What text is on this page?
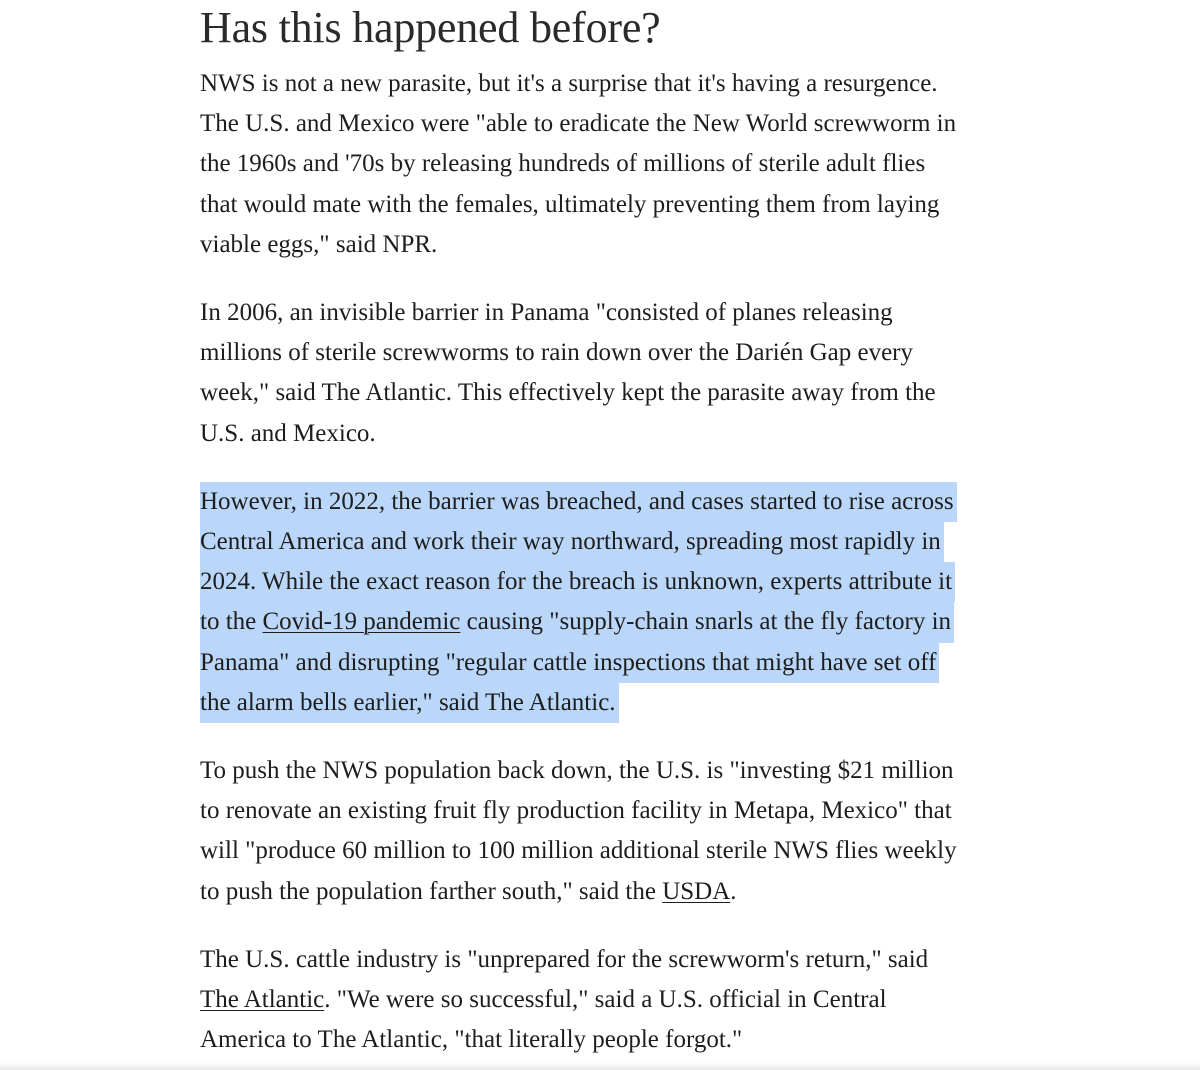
Has this happened before?

NWS is not a new parasite, but it's a surprise that it's having a resurgence.
The U.S. and Mexico were "able to eradicate the New World screwworm in
the 1960s and '70s by releasing hundreds of millions of sterile adult flies
that would mate with the females, ultimately preventing them from laying
viable eggs," said NPR.

In 2006, an invisible barrier in Panama "consisted of planes releasing
millions of sterile screwworms to rain down over the Darién Gap every
week," said The Atlantic. This effectively kept the parasite away from the
U.S. and Mexico.

However, in 2022, the barrier was breached, and cases started to rise across
Central America and work their way northward, spreading most rapidly in
2024. While the exact reason for the breach is unknown, experts attribute it
to the Covid-19 pandemic causing "supply-chain snarls at the fly factory in
Panama" and disrupting "regular cattle inspections that might have set off
the alarm bells earlier," said The Atlantic.

To push the NWS population back down, the U.S. is "investing $21 million
to renovate an existing fruit fly production facility in Metapa, Mexico" that
will "produce 60 million to 100 million additional sterile NWS flies weekly
to push the population farther south," said the USDA.

The U.S. cattle industry is "unprepared for the screwworm's return," said
The Atlantic. "We were so successful," said a U.S. official in Central
America to The Atlantic, "that literally people forgot."
